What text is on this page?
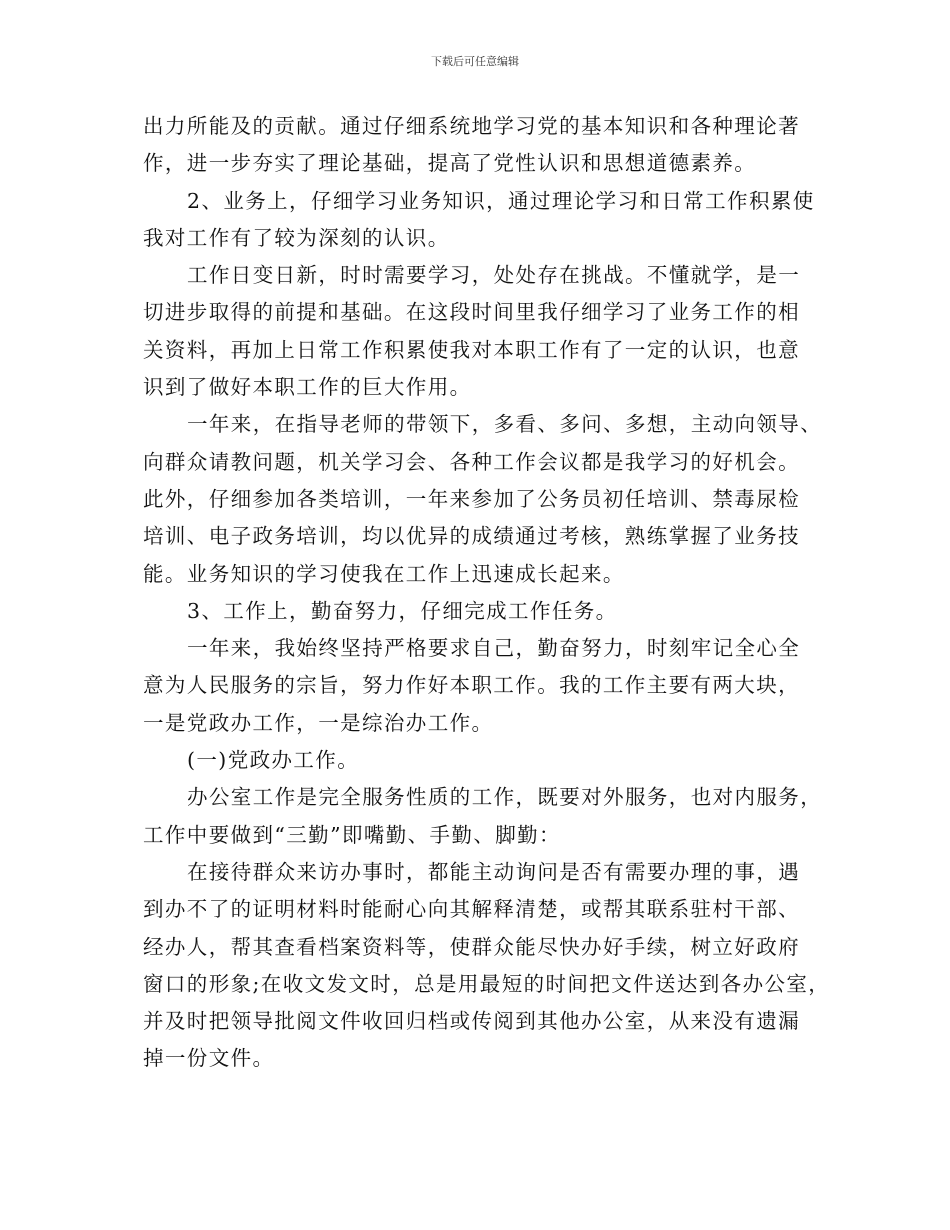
下载后可任意编辑
出力所能及的贡献。通过仔细系统地学习党的基本知识和各种理论著
作，进一步夯实了理论基础，提高了党性认识和思想道德素养。
2、业务上，仔细学习业务知识，通过理论学习和日常工作积累使
我对工作有了较为深刻的认识。
工作日变日新，时时需要学习，处处存在挑战。不懂就学，是一
切进步取得的前提和基础。在这段时间里我仔细学习了业务工作的相
关资料，再加上日常工作积累使我对本职工作有了一定的认识，也意
识到了做好本职工作的巨大作用。
一年来，在指导老师的带领下，多看、多问、多想，主动向领导、
向群众请教问题，机关学习会、各种工作会议都是我学习的好机会。
此外，仔细参加各类培训，一年来参加了公务员初任培训、禁毒尿检
培训、电子政务培训，均以优异的成绩通过考核，熟练掌握了业务技
能。业务知识的学习使我在工作上迅速成长起来。
3、工作上，勤奋努力，仔细完成工作任务。
一年来，我始终坚持严格要求自己，勤奋努力，时刻牢记全心全
意为人民服务的宗旨，努力作好本职工作。我的工作主要有两大块，
一是党政办工作，一是综治办工作。
(一)党政办工作。
办公室工作是完全服务性质的工作，既要对外服务，也对内服务，
工作中要做到“三勤”即嘴勤、手勤、脚勤：
在接待群众来访办事时，都能主动询问是否有需要办理的事，遇
到办不了的证明材料时能耐心向其解释清楚，或帮其联系驻村干部、
经办人，帮其查看档案资料等，使群众能尽快办好手续，树立好政府
窗口的形象;在收文发文时，总是用最短的时间把文件送达到各办公室，
并及时把领导批阅文件收回归档或传阅到其他办公室，从来没有遗漏
掉一份文件。
